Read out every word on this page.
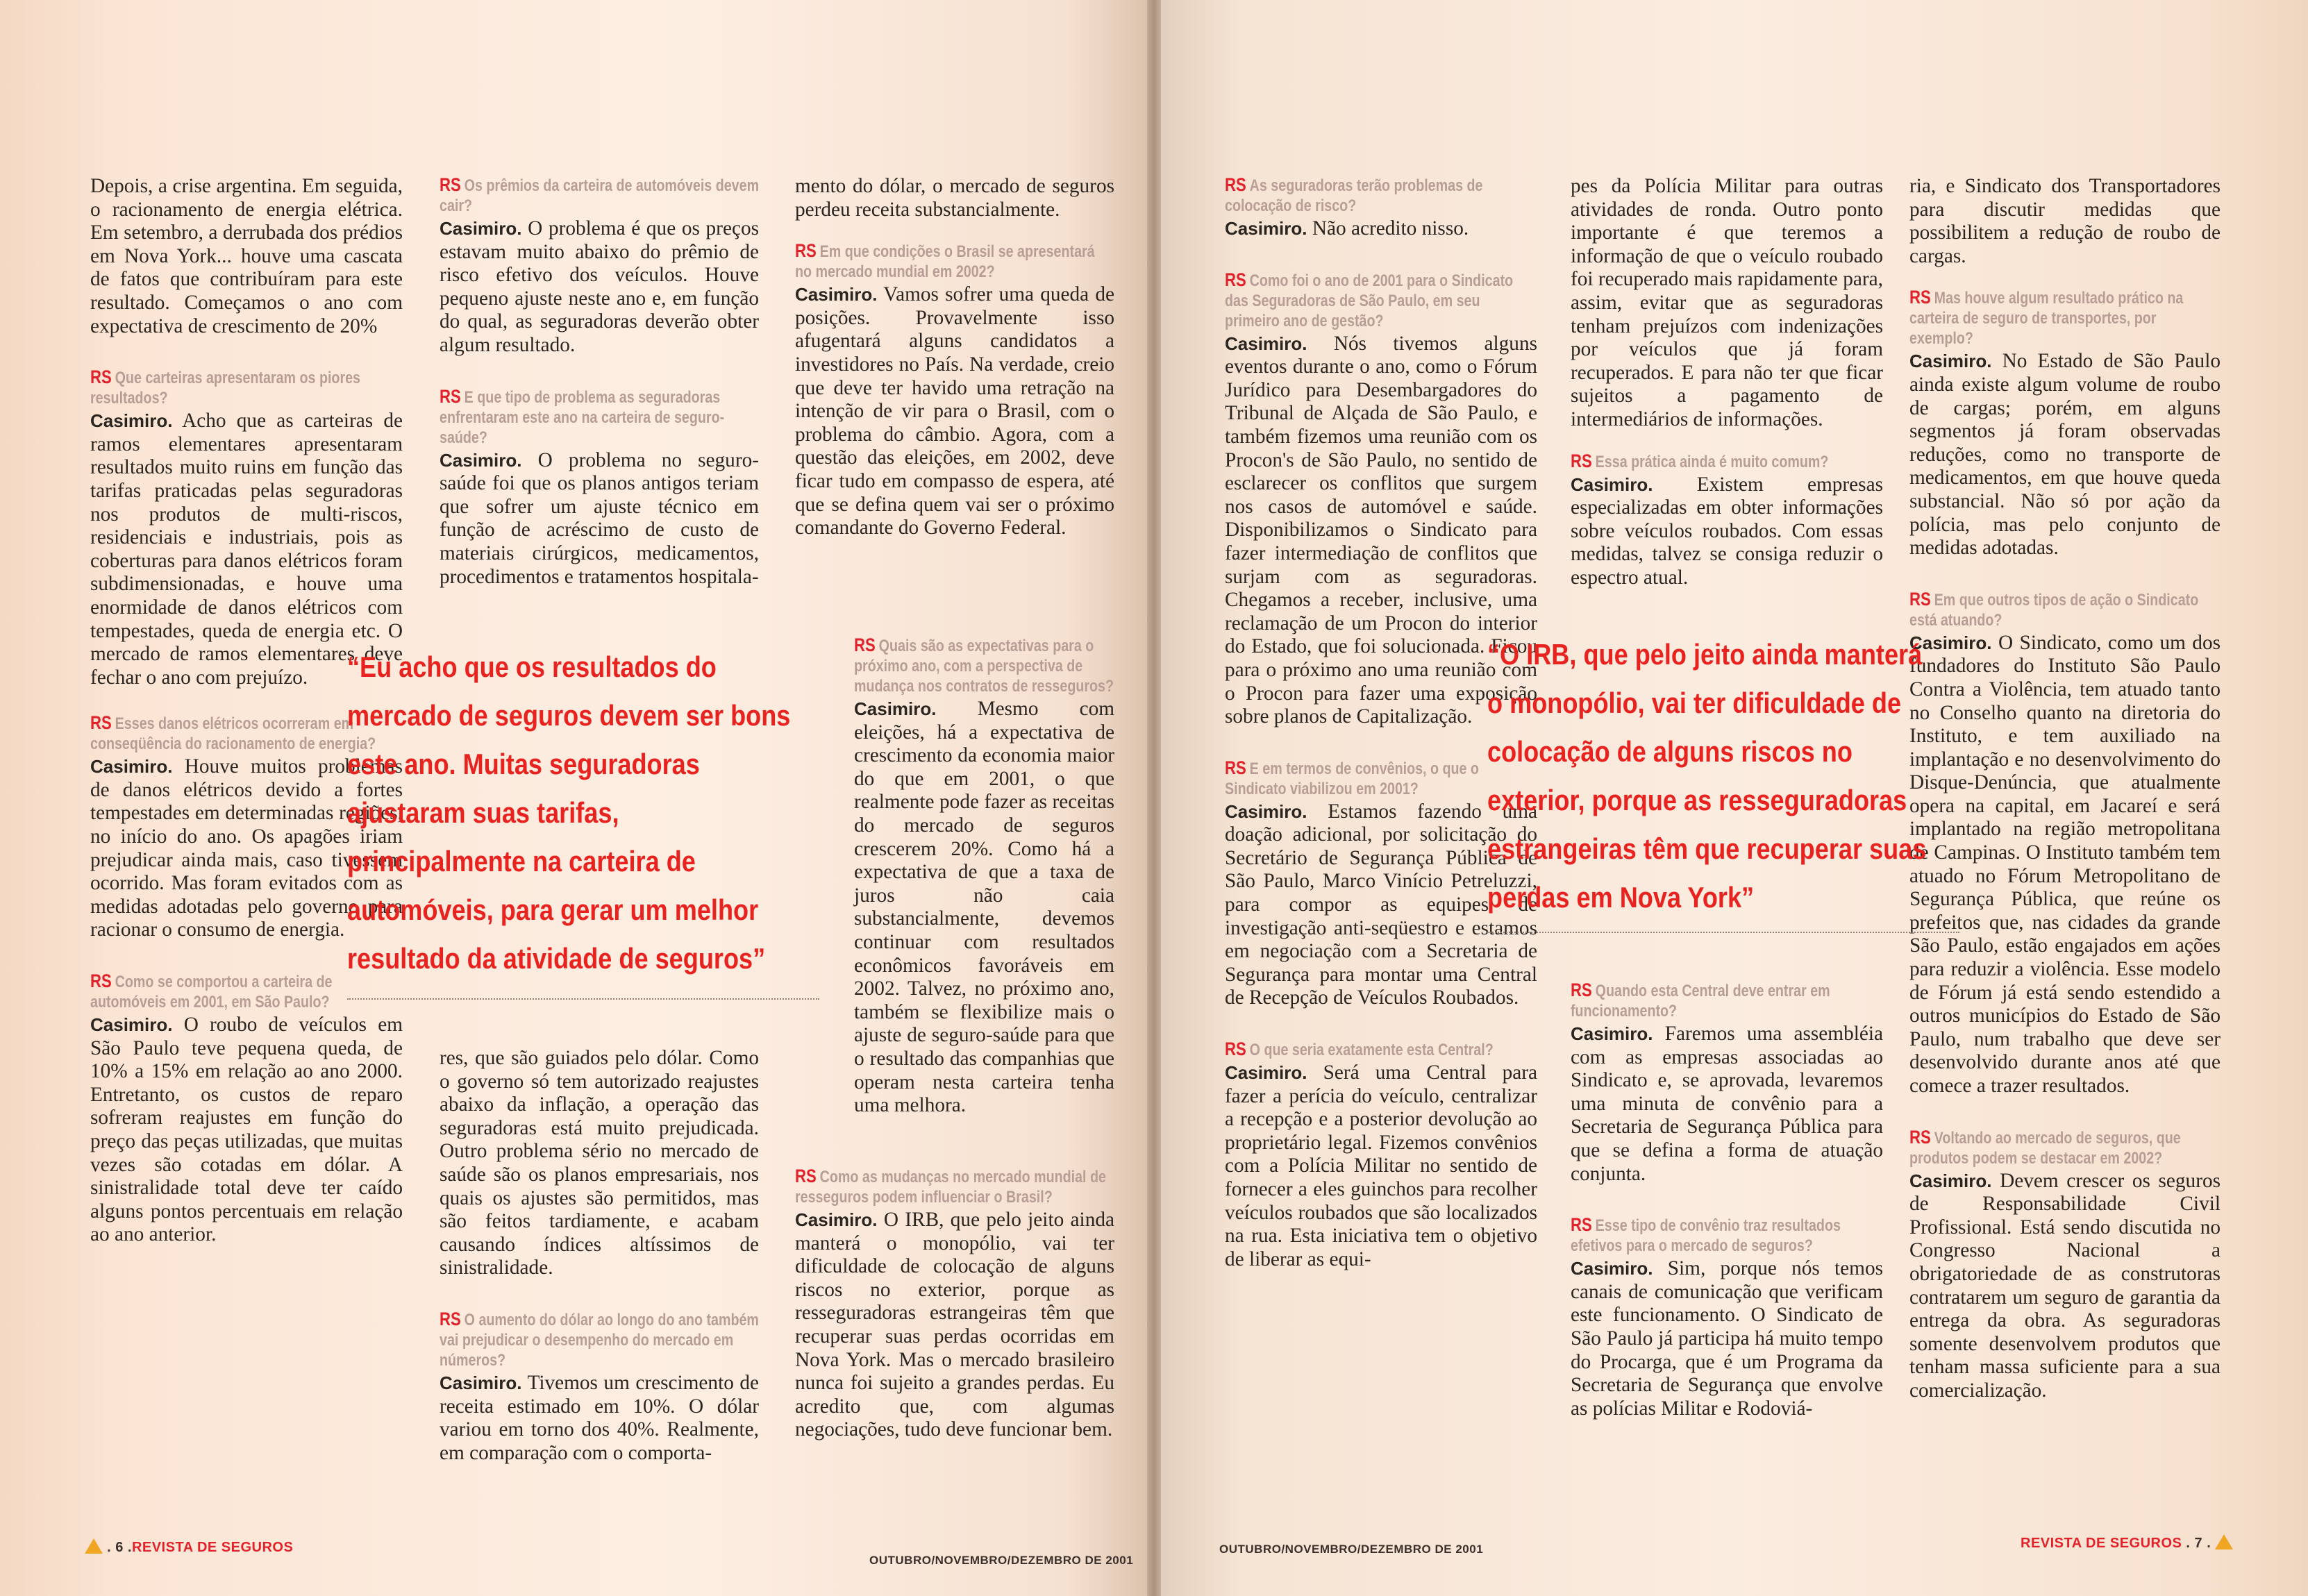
Depois, a crise argentina. Em seguida, o racionamento de energia elétrica. Em setembro, a derrubada dos prédios em Nova York... houve uma cascata de fatos que contribuíram para este resultado. Começamos o ano com expectativa de crescimento de 20%

RS Que carteiras apresentaram os piores resultados?

Casimiro. Acho que as carteiras de ramos elementares apresentaram resultados muito ruins em função das tarifas praticadas pelas seguradoras nos produtos de multi-riscos, residenciais e industriais, pois as coberturas para danos elétricos foram subdimensionadas, e houve uma enormidade de danos elétricos com tempestades, queda de energia etc. O mercado de ramos elementares deve fechar o ano com prejuízo.

RS Esses danos elétricos ocorreram em conseqüência do racionamento de energia?

Casimiro. Houve muitos problemas de danos elétricos devido a fortes tempestades em determinadas regiões, no início do ano. Os apagões iriam prejudicar ainda mais, caso tivessem ocorrido. Mas foram evitados com as medidas adotadas pelo governo para racionar o consumo de energia.

RS Como se comportou a carteira de automóveis em 2001, em São Paulo?

Casimiro. O roubo de veículos em São Paulo teve pequena queda, de 10% a 15% em relação ao ano 2000. Entretanto, os custos de reparo sofreram reajustes em função do preço das peças utilizadas, que muitas vezes são cotadas em dólar. A sinistralidade total deve ter caído alguns pontos percentuais em relação ao ano anterior.

RS Os prêmios da carteira de automóveis devem cair?

Casimiro. O problema é que os preços estavam muito abaixo do prêmio de risco efetivo dos veículos. Houve pequeno ajuste neste ano e, em função do qual, as seguradoras deverão obter algum resultado.

RS E que tipo de problema as seguradoras enfrentaram este ano na carteira de seguro-saúde?

Casimiro. O problema no seguro-saúde foi que os planos antigos teriam que sofrer um ajuste técnico em função de acréscimo de custo de materiais cirúrgicos, medicamentos, procedimentos e tratamentos hospitala-

res, que são guiados pelo dólar. Como o governo só tem autorizado reajustes abaixo da inflação, a operação das seguradoras está muito prejudicada. Outro problema sério no mercado de saúde são os planos empresariais, nos quais os ajustes são permitidos, mas são feitos tardiamente, e acabam causando índices altíssimos de sinistralidade.

RS O aumento do dólar ao longo do ano também vai prejudicar o desempenho do mercado em números?

Casimiro. Tivemos um crescimento de receita estimado em 10%. O dólar variou em torno dos 40%. Realmente, em comparação com o comporta-

mento do dólar, o mercado de seguros perdeu receita substancialmente.

RS Em que condições o Brasil se apresentará no mercado mundial em 2002?

Casimiro. Vamos sofrer uma queda de posições. Provavelmente isso afugentará alguns candidatos a investidores no País. Na verdade, creio que deve ter havido uma retração na intenção de vir para o Brasil, com o problema do câmbio. Agora, com a questão das eleições, em 2002, deve ficar tudo em compasso de espera, até que se defina quem vai ser o próximo comandante do Governo Federal.

RS Quais são as expectativas para o próximo ano, com a perspectiva de mudança nos contratos de resseguros?

Casimiro. Mesmo com eleições, há a expectativa de crescimento da economia maior do que em 2001, o que realmente pode fazer as receitas do mercado de seguros crescerem 20%. Como há a expectativa de que a taxa de juros não caia substancialmente, devemos continuar com resultados econômicos favoráveis em 2002. Talvez, no próximo ano, também se flexibilize mais o ajuste de seguro-saúde para que o resultado das companhias que operam nesta carteira tenha uma melhora.

RS Como as mudanças no mercado mundial de resseguros podem influenciar o Brasil?

Casimiro. O IRB, que pelo jeito ainda manterá o monopólio, vai ter dificuldade de colocação de alguns riscos no exterior, porque as resseguradoras estrangeiras têm que recuperar suas perdas ocorridas em Nova York. Mas o mercado brasileiro nunca foi sujeito a grandes perdas. Eu acredito que, com algumas negociações, tudo deve funcionar bem.

“Eu acho que os resultados do
mercado de seguros devem ser bons
este ano. Muitas seguradoras
ajustaram suas tarifas,
principalmente na carteira de
automóveis, para gerar um melhor
resultado da atividade de seguros”
. 6 .REVISTA DE SEGUROS
OUTUBRO/NOVEMBRO/DEZEMBRO DE 2001
RS As seguradoras terão problemas de colocação de risco?

Casimiro. Não acredito nisso.

RS Como foi o ano de 2001 para o Sindicato das Seguradoras de São Paulo, em seu primeiro ano de gestão?

Casimiro. Nós tivemos alguns eventos durante o ano, como o Fórum Jurídico para Desembargadores do Tribunal de Alçada de São Paulo, e também fizemos uma reunião com os Procon's de São Paulo, no sentido de esclarecer os conflitos que surgem nos casos de automóvel e saúde. Disponibilizamos o Sindicato para fazer intermediação de conflitos que surjam com as seguradoras. Chegamos a receber, inclusive, uma reclamação de um Procon do interior do Estado, que foi solucionada. Ficou para o próximo ano uma reunião com o Procon para fazer uma exposição sobre planos de Capitalização.

RS E em termos de convênios, o que o Sindicato viabilizou em 2001?

Casimiro. Estamos fazendo uma doação adicional, por solicitação do Secretário de Segurança Pública de São Paulo, Marco Vinício Petreluzzi, para compor as equipes de investigação anti-seqüestro e estamos em negociação com a Secretaria de Segurança para montar uma Central de Recepção de Veículos Roubados.

RS O que seria exatamente esta Central?

Casimiro. Será uma Central para fazer a perícia do veículo, centralizar a recepção e a posterior devolução ao proprietário legal. Fizemos convênios com a Polícia Militar no sentido de fornecer a eles guinchos para recolher veículos roubados que são localizados na rua. Esta iniciativa tem o objetivo de liberar as equi-

pes da Polícia Militar para outras atividades de ronda. Outro ponto importante é que teremos a informação de que o veículo roubado foi recuperado mais rapidamente para, assim, evitar que as seguradoras tenham prejuízos com indenizações por veículos que já foram recuperados. E para não ter que ficar sujeitos a pagamento de intermediários de informações.

RS Essa prática ainda é muito comum?

Casimiro. Existem empresas especializadas em obter informações sobre veículos roubados. Com essas medidas, talvez se consiga reduzir o espectro atual.

RS Quando esta Central deve entrar em funcionamento?

Casimiro. Faremos uma assembléia com as empresas associadas ao Sindicato e, se aprovada, levaremos uma minuta de convênio para a Secretaria de Segurança Pública para que se defina a forma de atuação conjunta.

RS Esse tipo de convênio traz resultados efetivos para o mercado de seguros?

Casimiro. Sim, porque nós temos canais de comunicação que verificam este funcionamento. O Sindicato de São Paulo já participa há muito tempo do Procarga, que é um Programa da Secretaria de Segurança que envolve as polícias Militar e Rodoviá-

ria, e Sindicato dos Transportadores para discutir medidas que possibilitem a redução de roubo de cargas.

RS Mas houve algum resultado prático na carteira de seguro de transportes, por exemplo?

Casimiro. No Estado de São Paulo ainda existe algum volume de roubo de cargas; porém, em alguns segmentos já foram observadas reduções, como no transporte de medicamentos, em que houve queda substancial. Não só por ação da polícia, mas pelo conjunto de medidas adotadas.

RS Em que outros tipos de ação o Sindicato está atuando?

Casimiro. O Sindicato, como um dos fundadores do Instituto São Paulo Contra a Violência, tem atuado tanto no Conselho quanto na diretoria do Instituto, e tem auxiliado na implantação e no desenvolvimento do Disque-Denúncia, que atualmente opera na capital, em Jacareí e será implantado na região metropolitana de Campinas. O Instituto também tem atuado no Fórum Metropolitano de Segurança Pública, que reúne os prefeitos que, nas cidades da grande São Paulo, estão engajados em ações para reduzir a violência. Esse modelo de Fórum já está sendo estendido a outros municípios do Estado de São Paulo, num trabalho que deve ser desenvolvido durante anos até que comece a trazer resultados.

RS Voltando ao mercado de seguros, que produtos podem se destacar em 2002?

Casimiro. Devem crescer os seguros de Responsabilidade Civil Profissional. Está sendo discutida no Congresso Nacional a obrigatoriedade de as construtoras contratarem um seguro de garantia da entrega da obra. As seguradoras somente desenvolvem produtos que tenham massa suficiente para a sua comercialização.

“O IRB, que pelo jeito ainda manterá
o monopólio, vai ter dificuldade de
colocação de alguns riscos no
exterior, porque as resseguradoras
estrangeiras têm que recuperar suas
perdas em Nova York”
OUTUBRO/NOVEMBRO/DEZEMBRO DE 2001	REVISTA DE SEGUROS . 7 .
